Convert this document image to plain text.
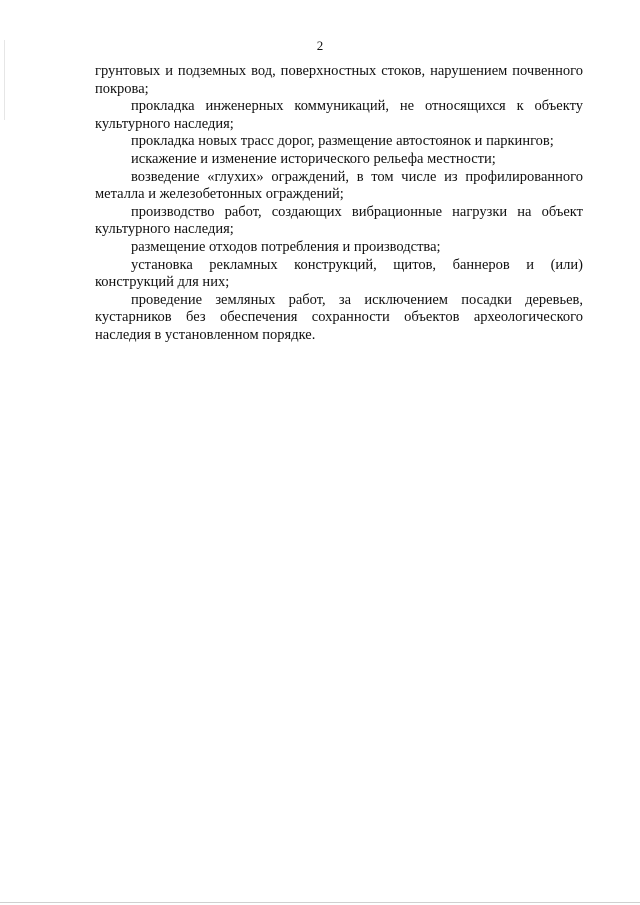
2

грунтовых и подземных вод, поверхностных стоков, нарушением почвенного покрова;

прокладка инженерных коммуникаций, не относящихся к объекту культурного наследия;

прокладка новых трасс дорог, размещение автостоянок и паркингов;

искажение и изменение исторического рельефа местности;

возведение «глухих» ограждений, в том числе из профилированного металла и железобетонных ограждений;

производство работ, создающих вибрационные нагрузки на объект культурного наследия;

размещение отходов потребления и производства;

установка рекламных конструкций, щитов, баннеров и (или) конструкций для них;

проведение земляных работ, за исключением посадки деревьев, кустарников без обеспечения сохранности объектов археологического наследия в установленном порядке.
